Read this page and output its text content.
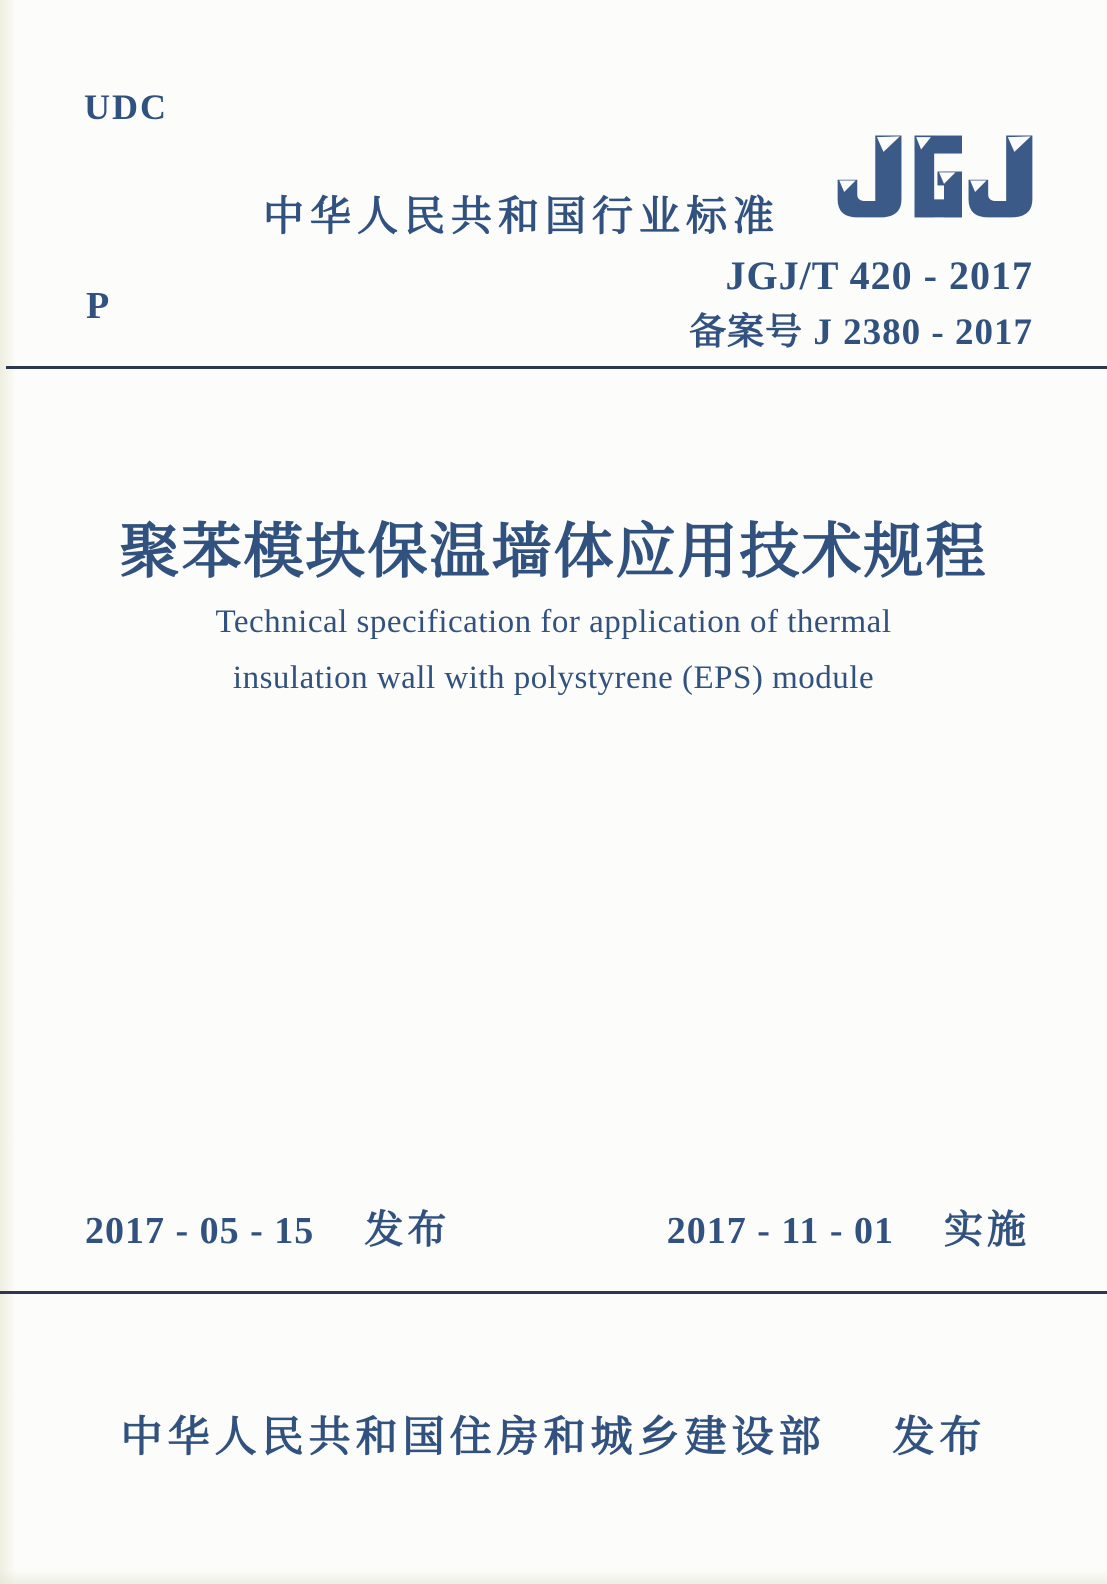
UDC
中华人民共和国行业标准
JGJ/T 420 - 2017
备案号 J 2380 - 2017
P
聚苯模块保温墙体应用技术规程
Technical specification for application of thermal
insulation wall with polystyrene (EPS) module
2017 - 05 - 15 发布	2017 - 11 - 01 实施
中华人民共和国住房和城乡建设部 发布
